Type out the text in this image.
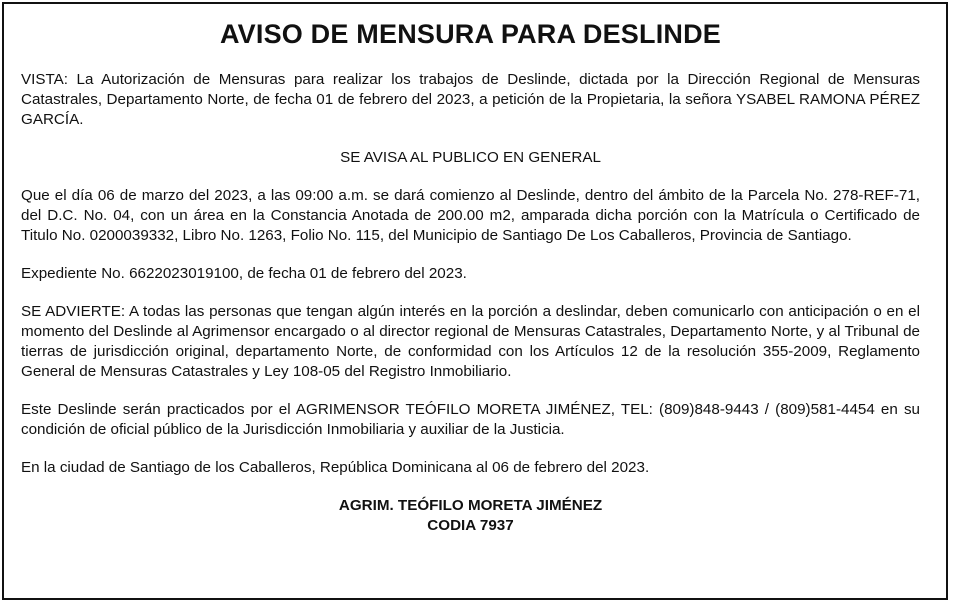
AVISO DE MENSURA PARA DESLINDE

VISTA: La Autorización de Mensuras para realizar los trabajos de Deslinde, dictada por la Dirección Regional de Mensuras Catastrales, Departamento Norte, de fecha 01 de febrero del 2023, a petición de la Propietaria, la señora YSABEL RAMONA PÉREZ GARCÍA.

SE AVISA AL PUBLICO EN GENERAL

Que el día 06 de marzo del 2023, a las 09:00 a.m. se dará comienzo al Deslinde, dentro del ámbito de la Parcela No. 278-REF-71, del D.C. No. 04, con un área en la Constancia Anotada de 200.00 m2, amparada dicha porción con la Matrícula o Certificado de Titulo No. 0200039332, Libro No. 1263, Folio No. 115, del Municipio de Santiago De Los Caballeros, Provincia de Santiago.

Expediente No. 6622023019100, de fecha 01 de febrero del 2023.

SE ADVIERTE: A todas las personas que tengan algún interés en la porción a deslindar, deben comunicarlo con anticipación o en el momento del Deslinde al Agrimensor encargado o al director regional de Mensuras Catastrales, Departamento Norte, y al Tribunal de tierras de jurisdicción original, departamento Norte, de conformidad con los Artículos 12 de la resolución 355-2009, Reglamento General de Mensuras Catastrales y Ley 108-05 del Registro Inmobiliario.

Este Deslinde serán practicados por el AGRIMENSOR TEÓFILO MORETA JIMÉNEZ, TEL: (809)848-9443 / (809)581-4454 en su condición de oficial público de la Jurisdicción Inmobiliaria y auxiliar de la Justicia.

En la ciudad de Santiago de los Caballeros, República Dominicana al 06 de febrero del 2023.

AGRIM. TEÓFILO MORETA JIMÉNEZ
CODIA 7937
